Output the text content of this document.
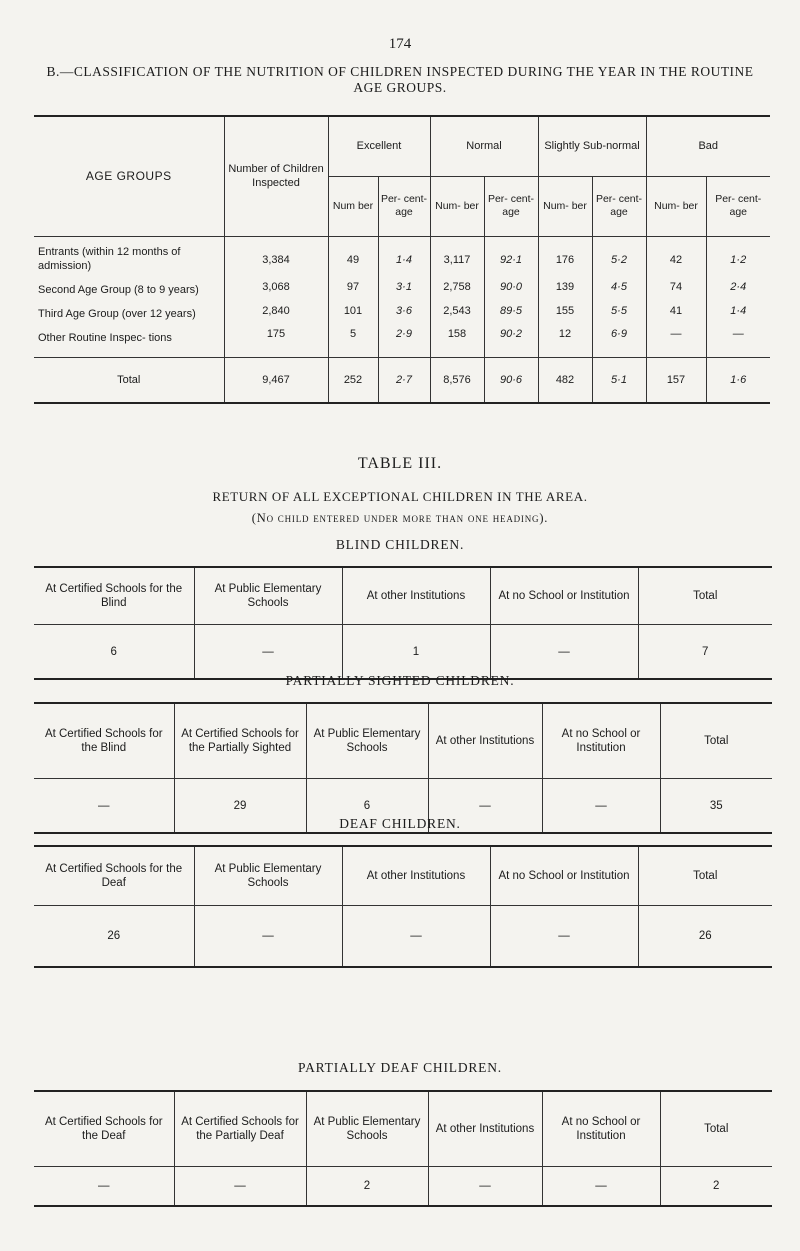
174
B.—CLASSIFICATION OF THE NUTRITION OF CHILDREN INSPECTED DURING THE YEAR IN THE ROUTINE AGE GROUPS.
AGE GROUPS	Number of Children Inspected	Excellent		Normal		Slightly Sub-normal		Bad	
		Num ber	Per- cent- age	Num- ber	Per- cent- age	Num- ber	Per- cent- age	Num- ber	Per- cent- age
Entrants (within 12 months of admission)	3,384	49	1·4	3,117	92·1	176	5·2	42	1·2
Second Age Group (8 to 9 years)	3,068	97	3·1	2,758	90·0	139	4·5	74	2·4
Third Age Group (over 12 years)	2,840	101	3·6	2,543	89·5	155	5·5	41	1·4
Other Routine Inspec- tions	175	5	2·9	158	90·2	12	6·9	—	—
Total	9,467	252	2·7	8,576	90·6	482	5·1	157	1·6
TABLE III.
RETURN OF ALL EXCEPTIONAL CHILDREN IN THE AREA.
(No child entered under more than one heading).
BLIND CHILDREN.
At Certified Schools for the Blind	At Public Elementary Schools	At other Institutions	At no School or Institution	Total
6	—	1	—	7
PARTIALLY SIGHTED CHILDREN.
At Certified Schools for the Blind	At Certified Schools for the Partially Sighted	At Public Elementary Schools	At other Institutions	At no School or Institution	Total
—	29	6	—	—	35
DEAF CHILDREN.
At Certified Schools for the Deaf	At Public Elementary Schools	At other Institutions	At no School or Institution	Total
26	—	—	—	26
PARTIALLY DEAF CHILDREN.
At Certified Schools for the Deaf	At Certified Schools for the Partially Deaf	At Public Elementary Schools	At other Institutions	At no School or Institution	Total
—	—	2	—	—	2
